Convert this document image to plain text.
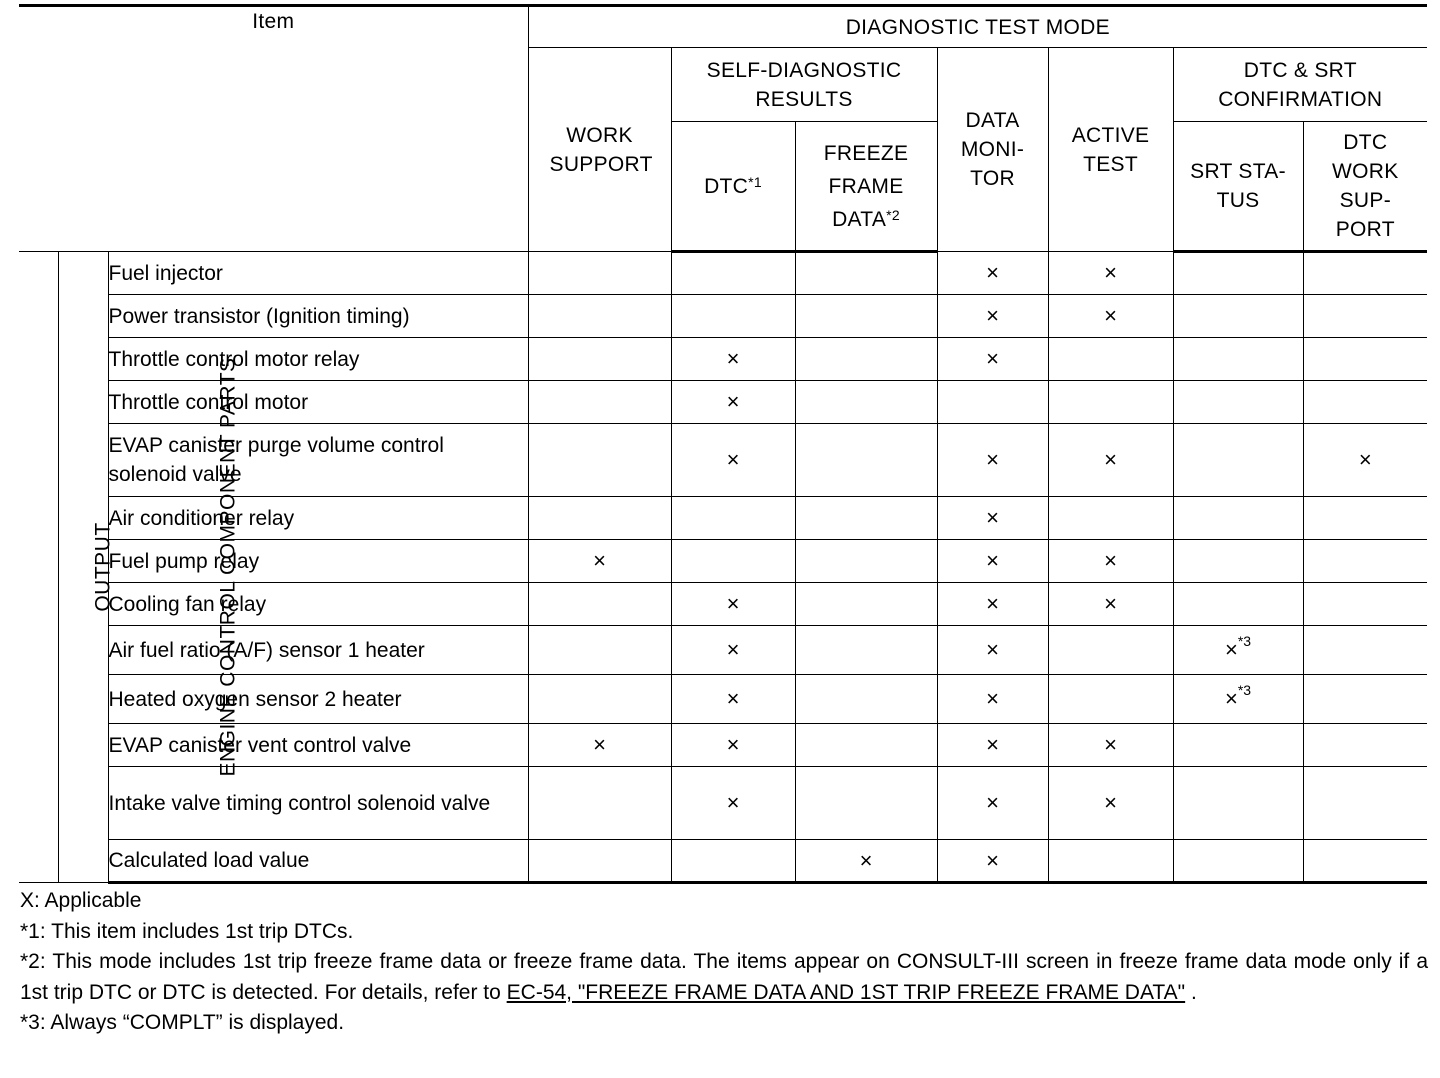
Item			DIAGNOSTIC TEST MODE						

			WORK SUPPORT	SELF-DIAGNOSTIC RESULTS		DATA MONI-TOR	ACTIVE TEST	DTC & SRT CONFIRMATION	

				DTC$^{*1}$	FREEZE FRAME DATA$^{*2}$			SRT STA-TUS	DTC WORK SUP-PORT

ENGINE CONTROL COMPONENT PARTS	OUTPUT	Fuel injector				×	×		
		Power transistor (Ignition timing)				×	×		
		Throttle control motor relay		×		×			
		Throttle control motor		×					
		EVAP canister purge volume control solenoid valve		×		×	×		×
		Air conditioner relay				×			
		Fuel pump relay	×			×	×		
		Cooling fan relay		×		×	×		
		Air fuel ratio (A/F) sensor 1 heater		×		×		×$^{*3}$	
		Heated oxygen sensor 2 heater		×		×		×$^{*3}$	
		EVAP canister vent control valve	×	×		×	×		
		Intake valve timing control solenoid valve		×		×	×		
		Calculated load value			×	×			

X: Applicable

*1: This item includes 1st trip DTCs.

*2: This mode includes 1st trip freeze frame data or freeze frame data. The items appear on CONSULT-III screen in freeze frame data mode only if a 1st trip DTC or DTC is detected. For details, refer to EC-54, "FREEZE FRAME DATA AND 1ST TRIP FREEZE FRAME DATA" .

*3: Always “COMPLT” is displayed.
